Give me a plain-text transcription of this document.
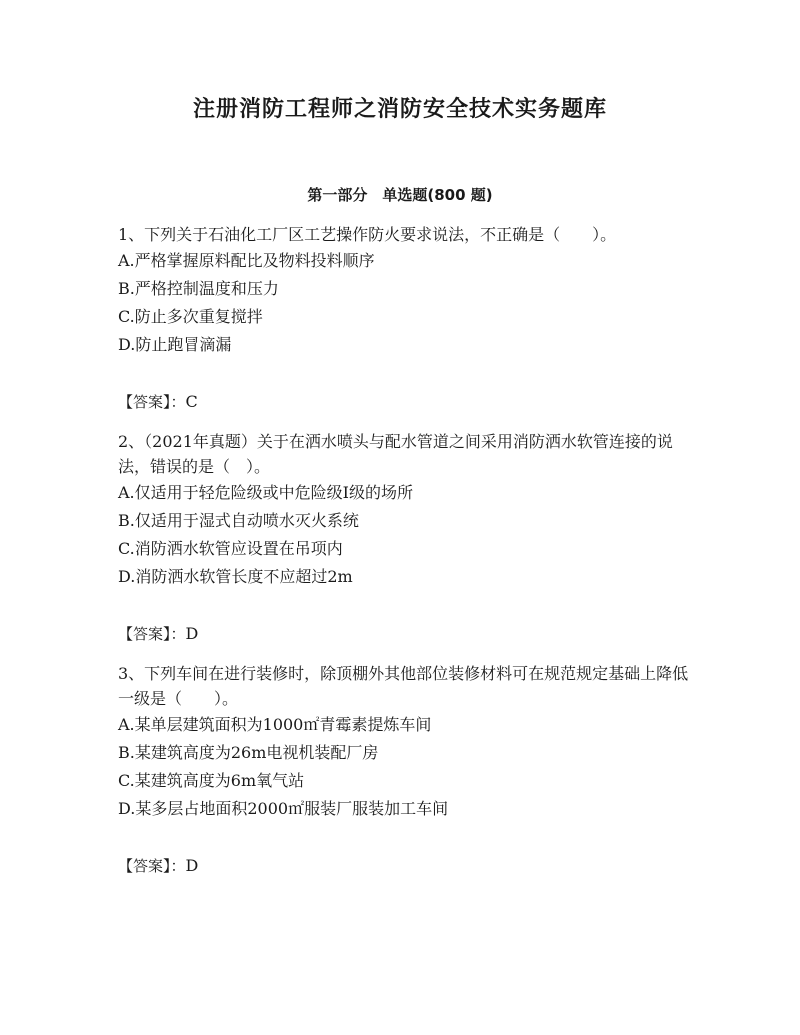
注册消防工程师之消防安全技术实务题库
第一部分　单选题(800 题)

1、下列关于石油化工厂区工艺操作防火要求说法，不正确是（　　）。

A.严格掌握原料配比及物料投料顺序

B.严格控制温度和压力

C.防止多次重复搅拌

D.防止跑冒滴漏

【答案】：C

2、（2021年真题）关于在洒水喷头与配水管道之间采用消防洒水软管连接的说法，错误的是（　）。

A.仅适用于轻危险级或中危险级Ⅰ级的场所

B.仅适用于湿式自动喷水灭火系统

C.消防洒水软管应设置在吊项内

D.消防洒水软管长度不应超过2m

【答案】：D

3、下列车间在进行装修时，除顶棚外其他部位装修材料可在规范规定基础上降低一级是（　　）。

A.某单层建筑面积为1000㎡青霉素提炼车间

B.某建筑高度为26m电视机装配厂房

C.某建筑高度为6m氧气站

D.某多层占地面积2000㎡服装厂服装加工车间

【答案】：D
